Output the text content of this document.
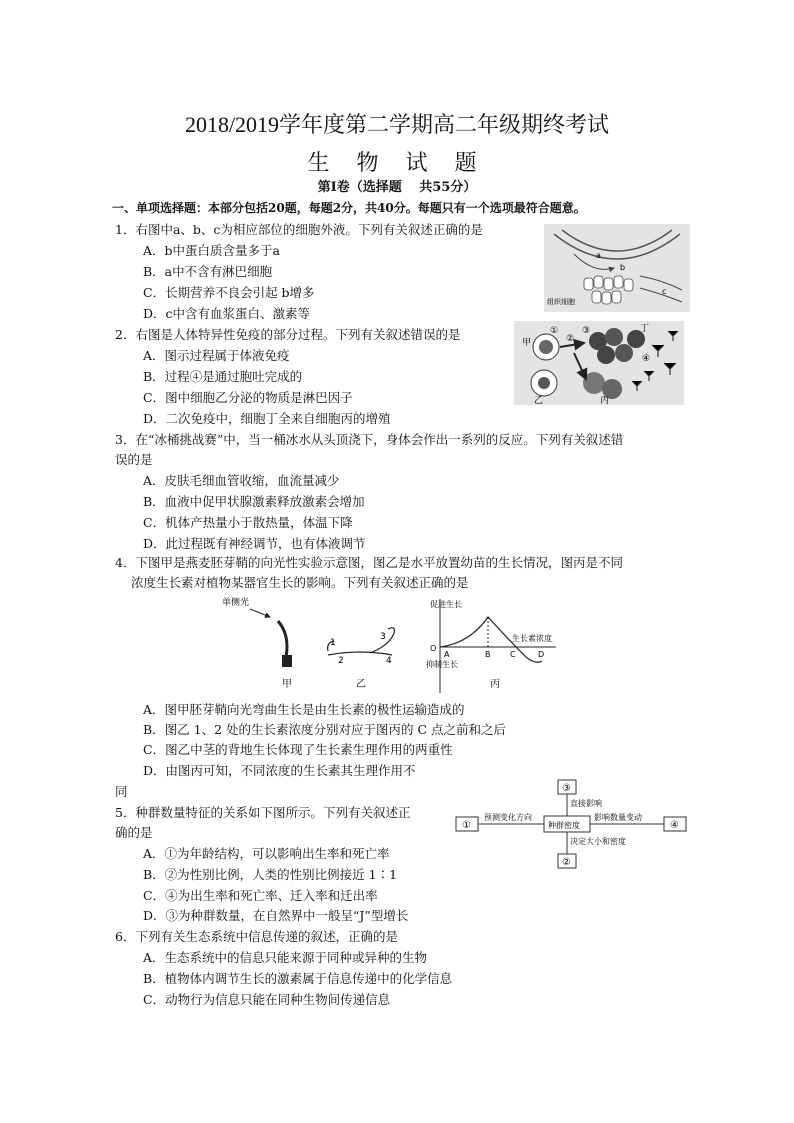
2018/2019学年度第二学期高二年级期终考试
生 物 试 题
第Ⅰ卷（选择题　 共55分）
一、单项选择题：本部分包括20题，每题2分，共40分。每题只有一个选项最符合题意。
1．右图中a、b、c为相应部位的细胞外液。下列有关叙述正确的是
A．b中蛋白质含量多于a
B．a中不含有淋巴细胞
C．长期营养不良会引起 b增多
D．c中含有血浆蛋白、激素等
a
b
c
组织细胞
2．右图是人体特异性免疫的部分过程。下列有关叙述错误的是
A．图示过程属于体液免疫
B．过程④是通过胞吐完成的
C．图中细胞乙分泌的物质是淋巴因子
D．二次免疫中，细胞丁全来自细胞丙的增殖
甲
乙	丙
丁
①
②
③
④
3．在“冰桶挑战赛”中，当一桶冰水从头顶浇下，身体会作出一系列的反应。下列有关叙述错
误的是
A．皮肤毛细血管收缩，血流量减少
B．血液中促甲状腺激素释放激素会增加
C．机体产热量小于散热量，体温下降
D．此过程既有神经调节，也有体液调节
4．下图甲是燕麦胚芽鞘的向光性实验示意图，图乙是水平放置幼苗的生长情况，图丙是不同
浓度生长素对植物某器官生长的影响。下列有关叙述正确的是
单侧光
甲
1
2
3
4
乙
促进生长
O
抑制生长
生长素浓度
A	B C	D
丙
A．图甲胚芽鞘向光弯曲生长是由生长素的极性运输造成的
B．图乙 1、2 处的生长素浓度分别对应于图丙的 C 点之前和之后
C．图乙中茎的背地生长体现了生长素生理作用的两重性
D．由图丙可知，不同浓度的生长素其生理作用不
同
5．种群数量特征的关系如下图所示。下列有关叙述正
确的是
A．①为年龄结构，可以影响出生率和死亡率
B．②为性别比例，人类的性别比例接近 1∶1
C．④为出生率和死亡率、迁入率和迁出率
D．③为种群数量，在自然界中一般呈“J”型增长
③
②
①	④
种群密度
预测变化方向	影响数量变动
直接影响
决定大小和密度
6．下列有关生态系统中信息传递的叙述，正确的是
A．生态系统中的信息只能来源于同种或异种的生物
B．植物体内调节生长的激素属于信息传递中的化学信息
C．动物行为信息只能在同种生物间传递信息
